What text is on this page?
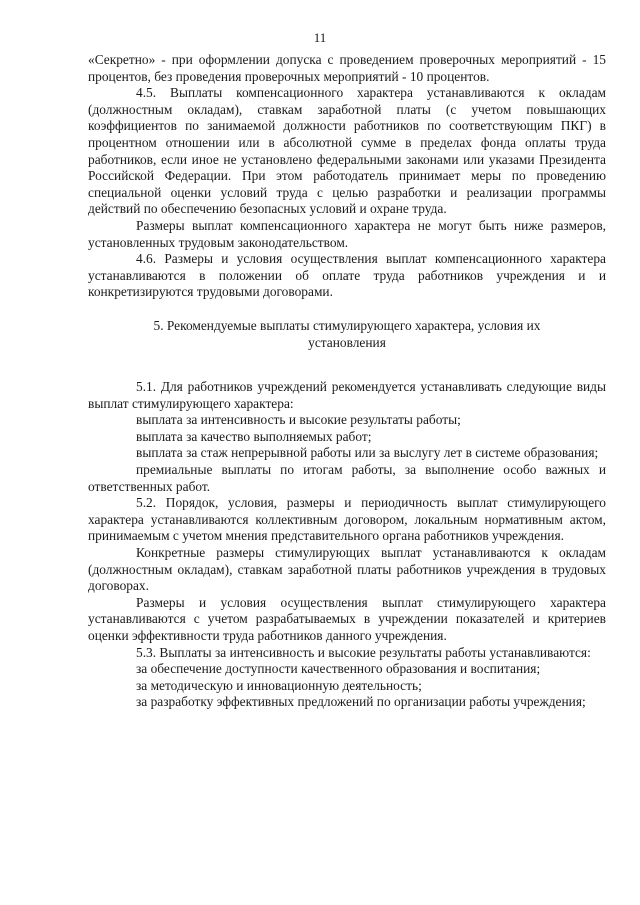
11

«Секретно» - при оформлении допуска с проведением проверочных мероприятий - 15 процентов, без проведения проверочных мероприятий - 10 процентов.

4.5. Выплаты компенсационного характера устанавливаются к окладам (должностным окладам), ставкам заработной платы (с учетом повышающих коэффициентов по занимаемой должности работников по соответствующим ПКГ) в процентном отношении или в абсолютной сумме в пределах фонда оплаты труда работников, если иное не установлено федеральными законами или указами Президента Российской Федерации. При этом работодатель принимает меры по проведению специальной оценки условий труда с целью разработки и реализации программы действий по обеспечению безопасных условий и охране труда.

Размеры выплат компенсационного характера не могут быть ниже размеров, установленных трудовым законодательством.

4.6. Размеры и условия осуществления выплат компенсационного характера устанавливаются в положении об оплате труда работников учреждения и и конкретизируются трудовыми договорами.

5. Рекомендуемые выплаты стимулирующего характера, условия их установления

5.1. Для работников учреждений рекомендуется устанавливать следующие виды выплат стимулирующего характера:

выплата за интенсивность и высокие результаты работы;

выплата за качество выполняемых работ;

выплата за стаж непрерывной работы или за выслугу лет в системе образования;

премиальные выплаты по итогам работы, за выполнение особо важных и ответственных работ.

5.2. Порядок, условия, размеры и периодичность выплат стимулирующего характера устанавливаются коллективным договором, локальным нормативным актом, принимаемым с учетом мнения представительного органа работников учреждения.

Конкретные размеры стимулирующих выплат устанавливаются к окладам (должностным окладам), ставкам заработной платы работников учреждения в трудовых договорах.

Размеры и условия осуществления выплат стимулирующего характера устанавливаются с учетом разрабатываемых в учреждении показателей и критериев оценки эффективности труда работников данного учреждения.

5.3. Выплаты за интенсивность и высокие результаты работы устанавливаются:

за обеспечение доступности качественного образования и воспитания;

за методическую и инновационную деятельность;

за разработку эффективных предложений по организации работы учреждения;
